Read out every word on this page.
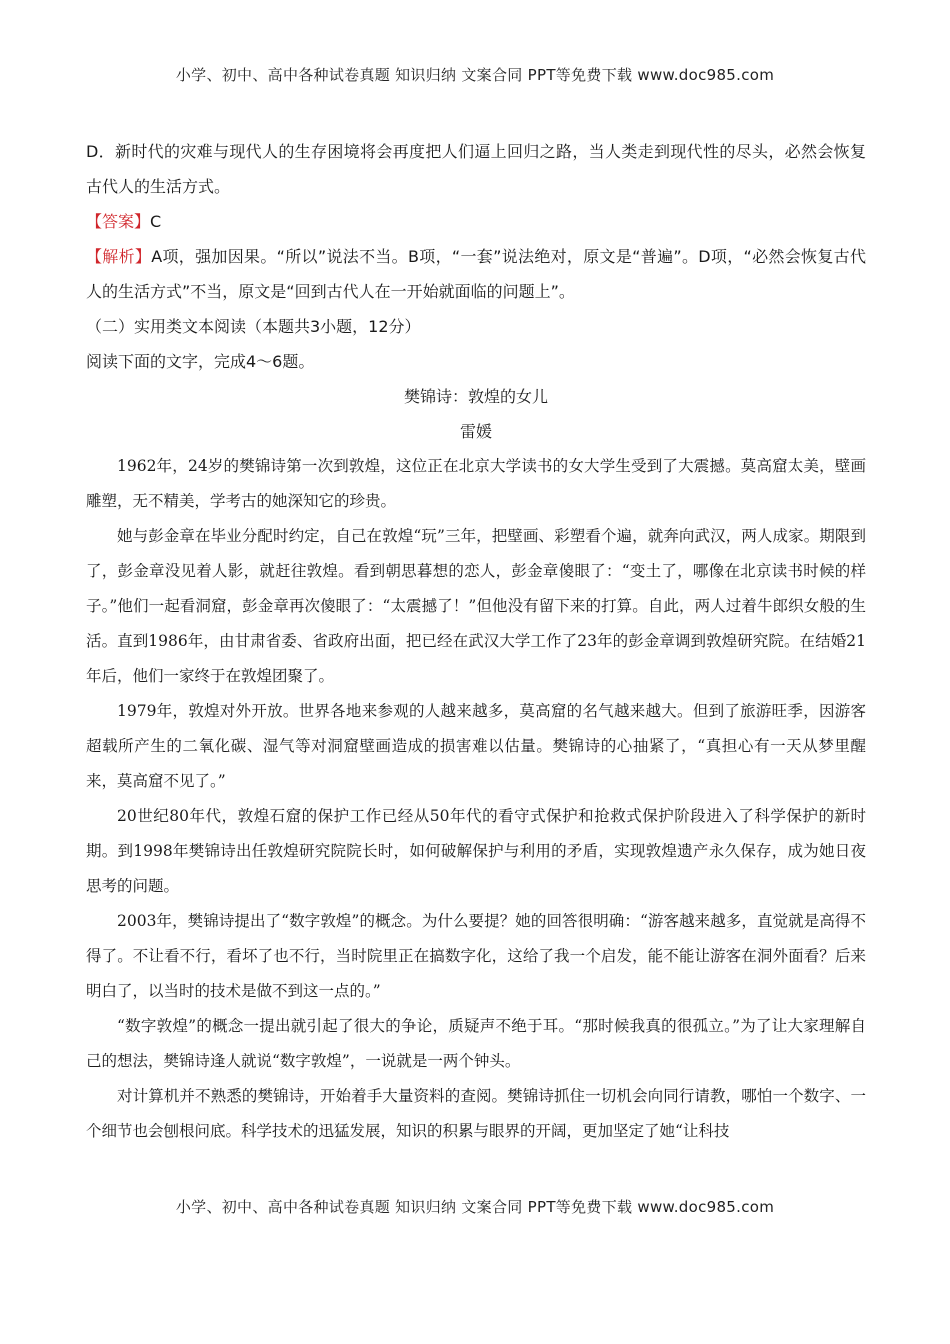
小学、初中、高中各种试卷真题 知识归纳 文案合同 PPT等免费下载 www.doc985.com

D．新时代的灾难与现代人的生存困境将会再度把人们逼上回归之路，当人类走到现代性的尽头，必然会恢复古代人的生活方式。

【答案】C

【解析】A项，强加因果。“所以”说法不当。B项，“一套”说法绝对，原文是“普遍”。D项，“必然会恢复古代人的生活方式”不当，原文是“回到古代人在一开始就面临的问题上”。

（二）实用类文本阅读（本题共3小题，12分）

阅读下面的文字，完成4～6题。

樊锦诗：敦煌的女儿

雷媛

1962年，24岁的樊锦诗第一次到敦煌，这位正在北京大学读书的女大学生受到了大震撼。莫高窟太美，壁画雕塑，无不精美，学考古的她深知它的珍贵。

她与彭金章在毕业分配时约定，自己在敦煌“玩”三年，把壁画、彩塑看个遍，就奔向武汉，两人成家。期限到了，彭金章没见着人影，就赶往敦煌。看到朝思暮想的恋人，彭金章傻眼了：“变土了，哪像在北京读书时候的样子。”他们一起看洞窟，彭金章再次傻眼了：“太震撼了！”但他没有留下来的打算。自此，两人过着牛郎织女般的生活。直到1986年，由甘肃省委、省政府出面，把已经在武汉大学工作了23年的彭金章调到敦煌研究院。在结婚21年后，他们一家终于在敦煌团聚了。

1979年，敦煌对外开放。世界各地来参观的人越来越多，莫高窟的名气越来越大。但到了旅游旺季，因游客超载所产生的二氧化碳、湿气等对洞窟壁画造成的损害难以估量。樊锦诗的心抽紧了，“真担心有一天从梦里醒来，莫高窟不见了。”

20世纪80年代，敦煌石窟的保护工作已经从50年代的看守式保护和抢救式保护阶段进入了科学保护的新时期。到1998年樊锦诗出任敦煌研究院院长时，如何破解保护与利用的矛盾，实现敦煌遗产永久保存，成为她日夜思考的问题。

2003年，樊锦诗提出了“数字敦煌”的概念。为什么要提？她的回答很明确：“游客越来越多，直觉就是高得不得了。不让看不行，看坏了也不行，当时院里正在搞数字化，这给了我一个启发，能不能让游客在洞外面看？后来明白了，以当时的技术是做不到这一点的。”

“数字敦煌”的概念一提出就引起了很大的争论，质疑声不绝于耳。“那时候我真的很孤立。”为了让大家理解自己的想法，樊锦诗逢人就说“数字敦煌”，一说就是一两个钟头。

对计算机并不熟悉的樊锦诗，开始着手大量资料的查阅。樊锦诗抓住一切机会向同行请教，哪怕一个数字、一个细节也会刨根问底。科学技术的迅猛发展，知识的积累与眼界的开阔，更加坚定了她“让科技

小学、初中、高中各种试卷真题 知识归纳 文案合同 PPT等免费下载 www.doc985.com
